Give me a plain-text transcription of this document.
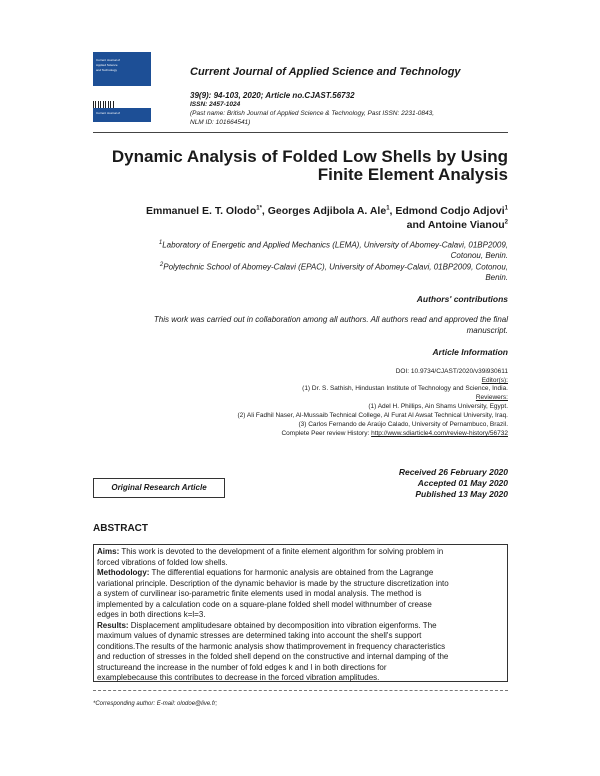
Current Journal of
Applied Science
and Technology
Current Journal of
Current Journal of Applied Science and Technology
39(9): 94-103, 2020; Article no.CJAST.56732
ISSN: 2457-1024
(Past name: British Journal of Applied Science & Technology, Past ISSN: 2231-0843,
NLM ID: 101664541)
Dynamic Analysis of Folded Low Shells by Using
Finite Element Analysis
Emmanuel E. T. Olodo$^{1*}$, Georges Adjibola A. Ale$^1$, Edmond Codjo Adjovi$^1$
and Antoine Vianou$^2$
$^1$Laboratory of Energetic and Applied Mechanics (LEMA), University of Abomey-Calavi, 01BP2009,
Cotonou, Benin.
$^2$Polytechnic School of Abomey-Calavi (EPAC), University of Abomey-Calavi, 01BP2009, Cotonou,
Benin.
Authors' contributions
This work was carried out in collaboration among all authors. All authors read and approved the final
manuscript.
Article Information
DOI: 10.9734/CJAST/2020/v39i930611
Editor(s):
(1) Dr. S. Sathish, Hindustan Institute of Technology and Science, India.
Reviewers:
(1) Adel H. Phillips, Ain Shams University, Egypt.
(2) Ali Fadhil Naser, Al-Mussaib Technical College, Al Furat Al Awsat Technical University, Iraq.
(3) Carlos Fernando de Araújo Calado, University of Pernambuco, Brazil.
Complete Peer review History: http://www.sdiarticle4.com/review-history/56732
Received 26 February 2020
Accepted 01 May 2020
Published 13 May 2020
Original Research Article
ABSTRACT
Aims: This work is devoted to the development of a finite element algorithm for solving problem in
forced vibrations of folded low shells.
Methodology: The differential equations for harmonic analysis are obtained from the Lagrange
variational principle. Description of the dynamic behavior is made by the structure discretization into
a system of curvilinear iso-parametric finite elements used in modal analysis. The method is
implemented by a calculation code on a square-plane folded shell model withnumber of crease
edges in both directions k=l=3.
Results: Displacement amplitudesare obtained by decomposition into vibration eigenforms. The
maximum values of dynamic stresses are determined taking into account the shell's support
conditions.The results of the harmonic analysis show thatimprovement in frequency characteristics
and reduction of stresses in the folded shell depend on the constructive and internal damping of the
structureand the increase in the number of fold edges k and l in both directions for
examplebecause this contributes to decrease in the forced vibration amplitudes.
*Corresponding author: E-mail: olodoe@live.fr;
